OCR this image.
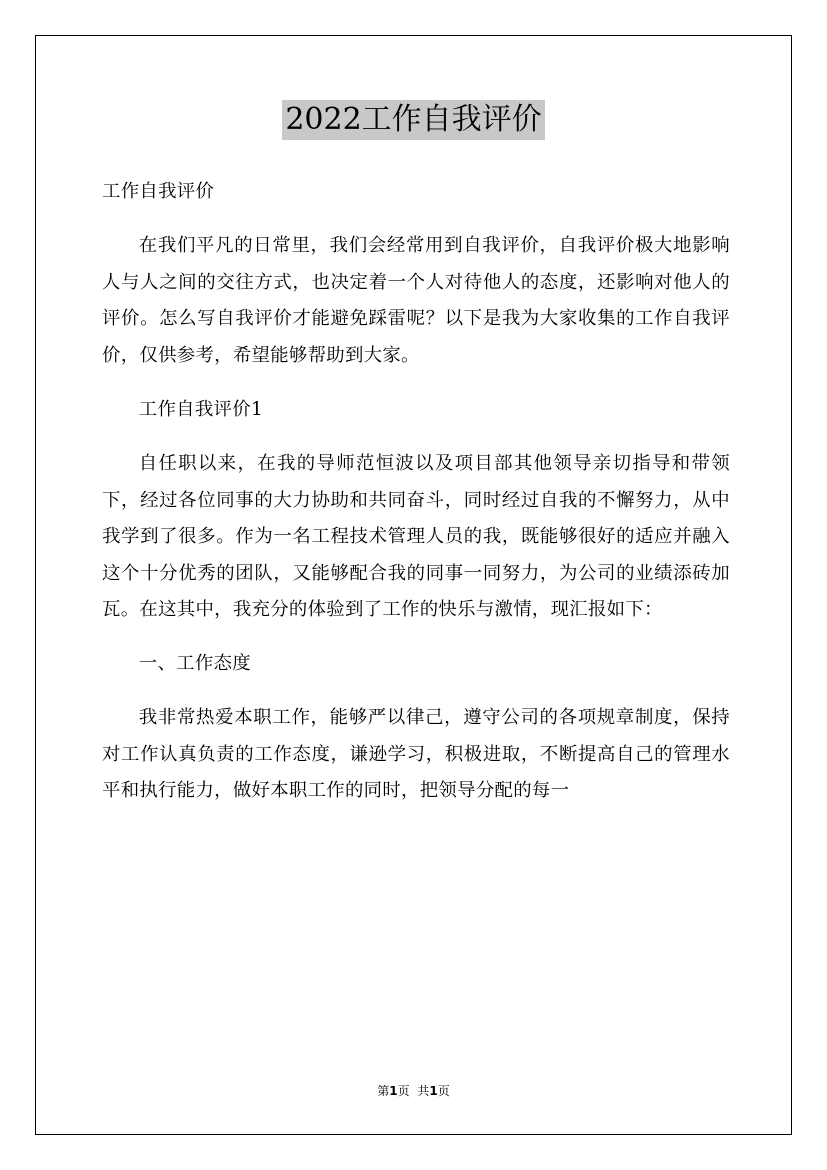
2022工作自我评价

工作自我评价

在我们平凡的日常里，我们会经常用到自我评价，自我评价极大地影响人与人之间的交往方式，也决定着一个人对待他人的态度，还影响对他人的评价。怎么写自我评价才能避免踩雷呢？以下是我为大家收集的工作自我评价，仅供参考，希望能够帮助到大家。

工作自我评价1

自任职以来，在我的导师范恒波以及项目部其他领导亲切指导和带领下，经过各位同事的大力协助和共同奋斗，同时经过自我的不懈努力，从中我学到了很多。作为一名工程技术管理人员的我，既能够很好的适应并融入这个十分优秀的团队，又能够配合我的同事一同努力，为公司的业绩添砖加瓦。在这其中，我充分的体验到了工作的快乐与激情，现汇报如下：

一、工作态度

我非常热爱本职工作，能够严以律己，遵守公司的各项规章制度，保持对工作认真负责的工作态度，谦逊学习，积极进取，不断提高自己的管理水平和执行能力，做好本职工作的同时，把领导分配的每一

第1页 共1页
